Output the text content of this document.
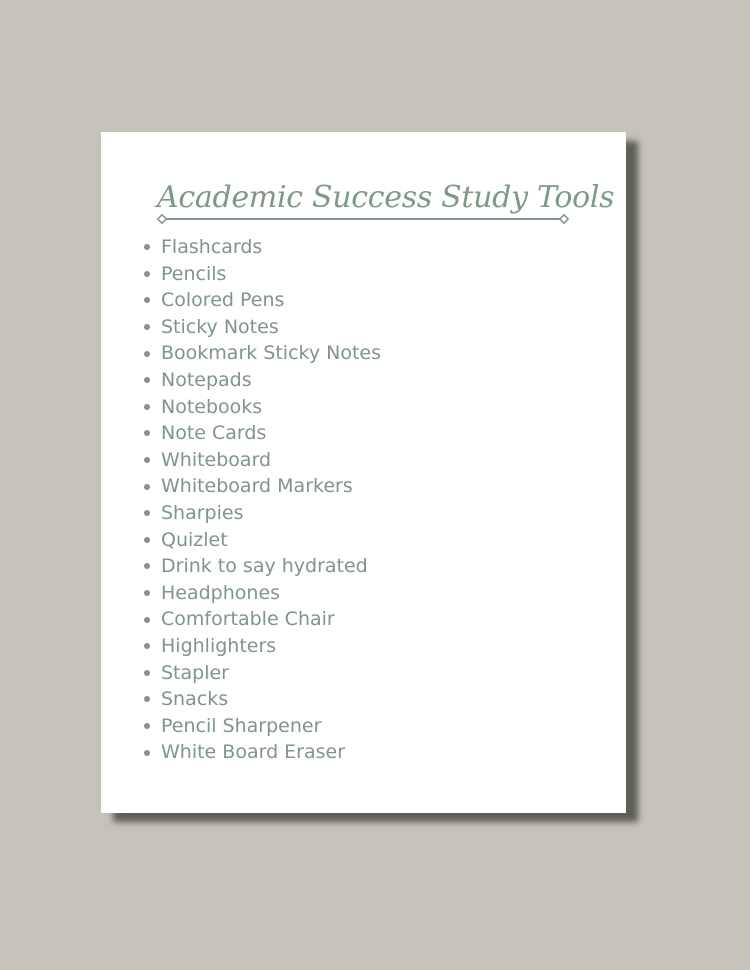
Academic Success Study Tools
Flashcards
Pencils
Colored Pens
Sticky Notes
Bookmark Sticky Notes
Notepads
Notebooks
Note Cards
Whiteboard
Whiteboard Markers
Sharpies
Quizlet
Drink to say hydrated
Headphones
Comfortable Chair
Highlighters
Stapler
Snacks
Pencil Sharpener
White Board Eraser
